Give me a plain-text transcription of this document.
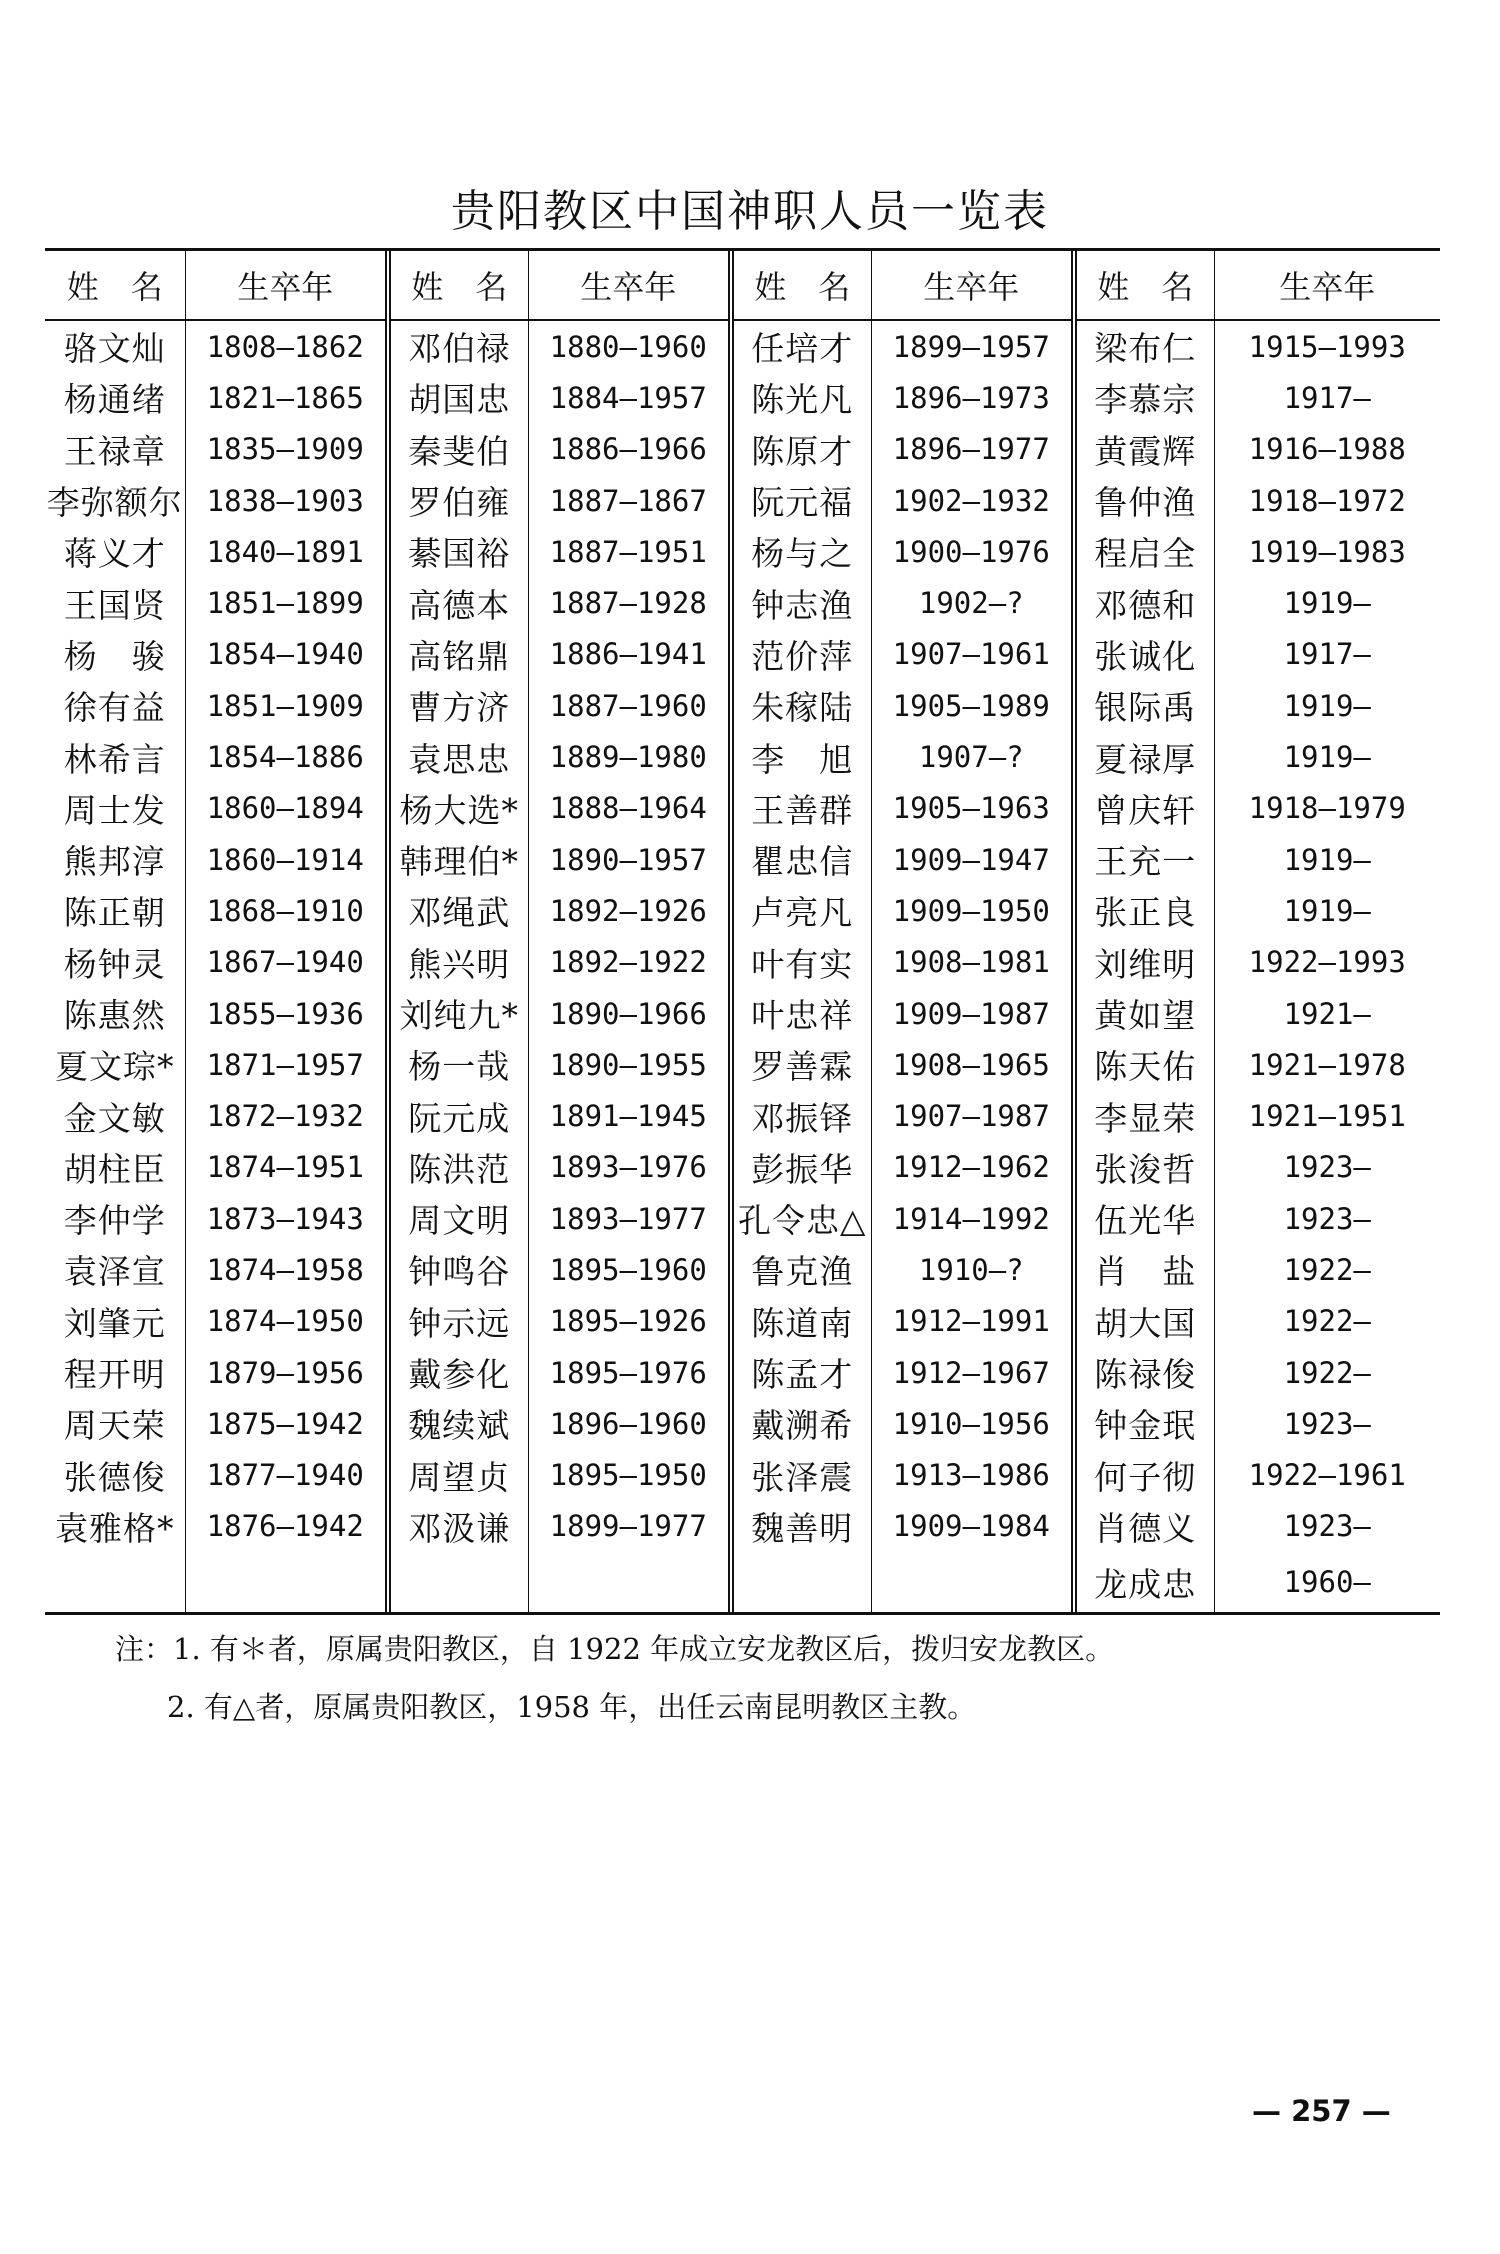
贵阳教区中国神职人员一览表
姓　名	生卒年	姓　名	生卒年	姓　名	生卒年	姓　名	生卒年
骆文灿	1808—1862	邓伯禄	1880—1960	任培才	1899—1957	梁布仁	1915—1993
杨通绪	1821—1865	胡国忠	1884—1957	陈光凡	1896—1973	李慕宗	1917—
王禄章	1835—1909	秦斐伯	1886—1966	陈原才	1896—1977	黄霞辉	1916—1988
李弥额尔	1838—1903	罗伯雍	1887—1867	阮元福	1902—1932	鲁仲渔	1918—1972
蒋义才	1840—1891	綦国裕	1887—1951	杨与之	1900—1976	程启全	1919—1983
王国贤	1851—1899	高德本	1887—1928	钟志渔	1902—?	邓德和	1919—
杨　骏	1854—1940	高铭鼎	1886—1941	范价萍	1907—1961	张诚化	1917—
徐有益	1851—1909	曹方济	1887—1960	朱稼陆	1905—1989	银际禹	1919—
林希言	1854—1886	袁思忠	1889—1980	李　旭	1907—?	夏禄厚	1919—
周士发	1860—1894	杨大选*	1888—1964	王善群	1905—1963	曾庆轩	1918—1979
熊邦淳	1860—1914	韩理伯*	1890—1957	瞿忠信	1909—1947	王充一	1919—
陈正朝	1868—1910	邓绳武	1892—1926	卢亮凡	1909—1950	张正良	1919—
杨钟灵	1867—1940	熊兴明	1892—1922	叶有实	1908—1981	刘维明	1922—1993
陈惠然	1855—1936	刘纯九*	1890—1966	叶忠祥	1909—1987	黄如望	1921—
夏文琮*	1871—1957	杨一哉	1890—1955	罗善霖	1908—1965	陈天佑	1921—1978
金文敏	1872—1932	阮元成	1891—1945	邓振铎	1907—1987	李显荣	1921—1951
胡柱臣	1874—1951	陈洪范	1893—1976	彭振华	1912—1962	张浚哲	1923—
李仲学	1873—1943	周文明	1893—1977	孔令忠△	1914—1992	伍光华	1923—
袁泽宣	1874—1958	钟鸣谷	1895—1960	鲁克渔	1910—?	肖　盐	1922—
刘肇元	1874—1950	钟示远	1895—1926	陈道南	1912—1991	胡大国	1922—
程开明	1879—1956	戴参化	1895—1976	陈孟才	1912—1967	陈禄俊	1922—
周天荣	1875—1942	魏续斌	1896—1960	戴溯希	1910—1956	钟金珉	1923—
张德俊	1877—1940	周望贞	1895—1950	张泽震	1913—1986	何子彻	1922—1961
袁雅格*	1876—1942	邓汲谦	1899—1977	魏善明	1909—1984	肖德义	1923—
						龙成忠	1960—
注：1. 有＊者，原属贵阳教区，自 1922 年成立安龙教区后，拨归安龙教区。
2. 有△者，原属贵阳教区，1958 年，出任云南昆明教区主教。
— 257 —
